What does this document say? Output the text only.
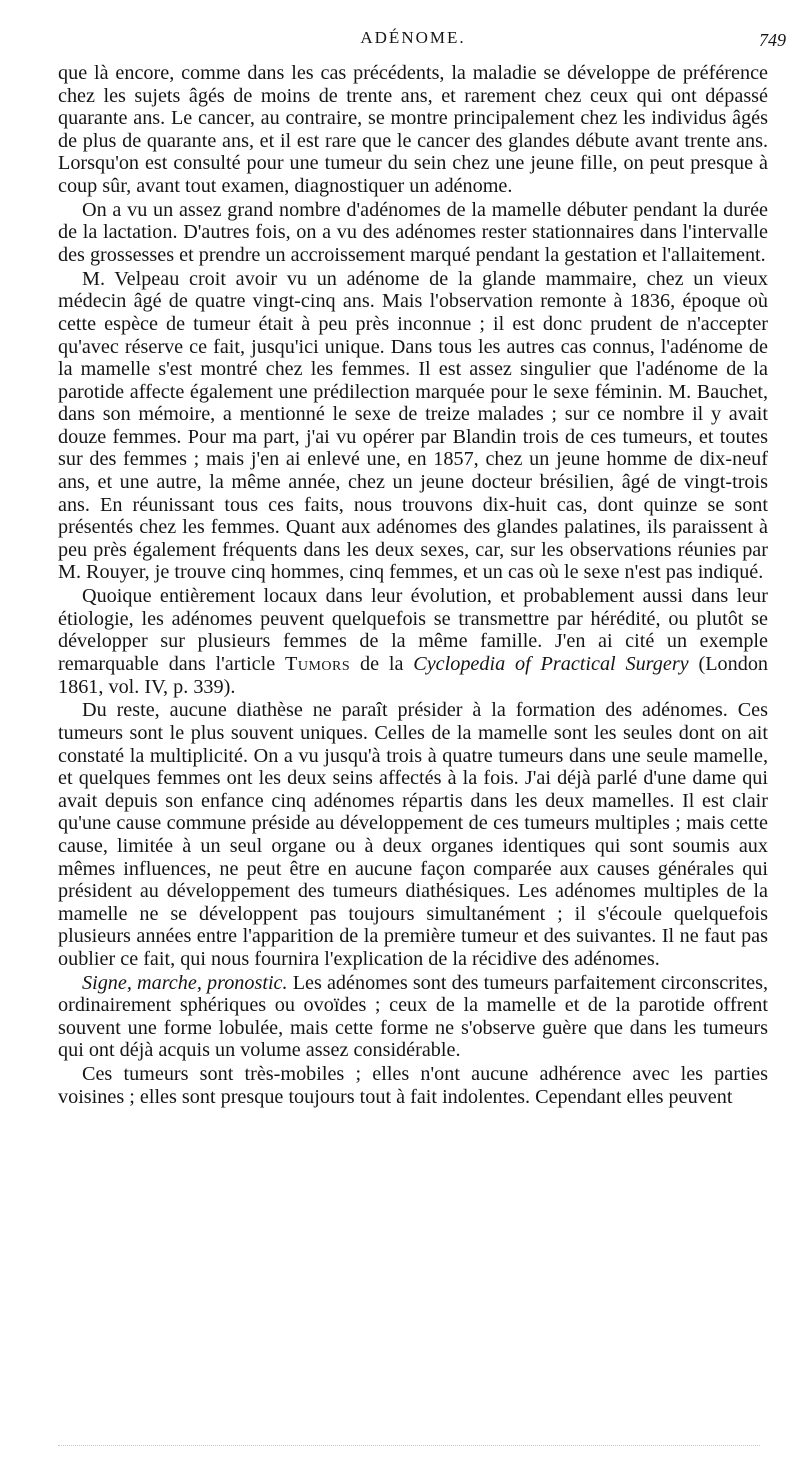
ADÉNOME.	749

que là encore, comme dans les cas précédents, la maladie se développe de préférence chez les sujets âgés de moins de trente ans, et rarement chez ceux qui ont dépassé quarante ans. Le cancer, au contraire, se montre principalement chez les individus âgés de plus de quarante ans, et il est rare que le cancer des glandes débute avant trente ans. Lorsqu'on est consulté pour une tumeur du sein chez une jeune fille, on peut presque à coup sûr, avant tout examen, diagnostiquer un adénome.

On a vu un assez grand nombre d'adénomes de la mamelle débuter pendant la durée de la lactation. D'autres fois, on a vu des adénomes rester stationnaires dans l'intervalle des grossesses et prendre un accroissement marqué pendant la gestation et l'allaitement.

M. Velpeau croit avoir vu un adénome de la glande mammaire, chez un vieux médecin âgé de quatre vingt-cinq ans. Mais l'observation remonte à 1836, époque où cette espèce de tumeur était à peu près inconnue ; il est donc prudent de n'accepter qu'avec réserve ce fait, jusqu'ici unique. Dans tous les autres cas connus, l'adénome de la mamelle s'est montré chez les femmes. Il est assez singulier que l'adénome de la parotide affecte également une prédilection marquée pour le sexe féminin. M. Bauchet, dans son mémoire, a mentionné le sexe de treize malades ; sur ce nombre il y avait douze femmes. Pour ma part, j'ai vu opérer par Blandin trois de ces tumeurs, et toutes sur des femmes ; mais j'en ai enlevé une, en 1857, chez un jeune homme de dix-neuf ans, et une autre, la même année, chez un jeune docteur brésilien, âgé de vingt-trois ans. En réunissant tous ces faits, nous trouvons dix-huit cas, dont quinze se sont présentés chez les femmes. Quant aux adénomes des glandes palatines, ils paraissent à peu près également fréquents dans les deux sexes, car, sur les observations réunies par M. Rouyer, je trouve cinq hommes, cinq femmes, et un cas où le sexe n'est pas indiqué.

Quoique entièrement locaux dans leur évolution, et probablement aussi dans leur étiologie, les adénomes peuvent quelquefois se transmettre par hérédité, ou plutôt se développer sur plusieurs femmes de la même famille. J'en ai cité un exemple remarquable dans l'article Tumors de la Cyclopedia of Practical Surgery (London 1861, vol. IV, p. 339).

Du reste, aucune diathèse ne paraît présider à la formation des adénomes. Ces tumeurs sont le plus souvent uniques. Celles de la mamelle sont les seules dont on ait constaté la multiplicité. On a vu jusqu'à trois à quatre tumeurs dans une seule mamelle, et quelques femmes ont les deux seins affectés à la fois. J'ai déjà parlé d'une dame qui avait depuis son enfance cinq adénomes répartis dans les deux mamelles. Il est clair qu'une cause commune préside au développement de ces tumeurs multiples ; mais cette cause, limitée à un seul organe ou à deux organes identiques qui sont soumis aux mêmes influences, ne peut être en aucune façon comparée aux causes générales qui président au développement des tumeurs diathésiques. Les adénomes multiples de la mamelle ne se développent pas toujours simultanément ; il s'écoule quelquefois plusieurs années entre l'apparition de la première tumeur et des suivantes. Il ne faut pas oublier ce fait, qui nous fournira l'explication de la récidive des adénomes.

Signe, marche, pronostic. Les adénomes sont des tumeurs parfaitement circonscrites, ordinairement sphériques ou ovoïdes ; ceux de la mamelle et de la parotide offrent souvent une forme lobulée, mais cette forme ne s'observe guère que dans les tumeurs qui ont déjà acquis un volume assez considérable.

Ces tumeurs sont très-mobiles ; elles n'ont aucune adhérence avec les parties voisines ; elles sont presque toujours tout à fait indolentes. Cependant elles peuvent
